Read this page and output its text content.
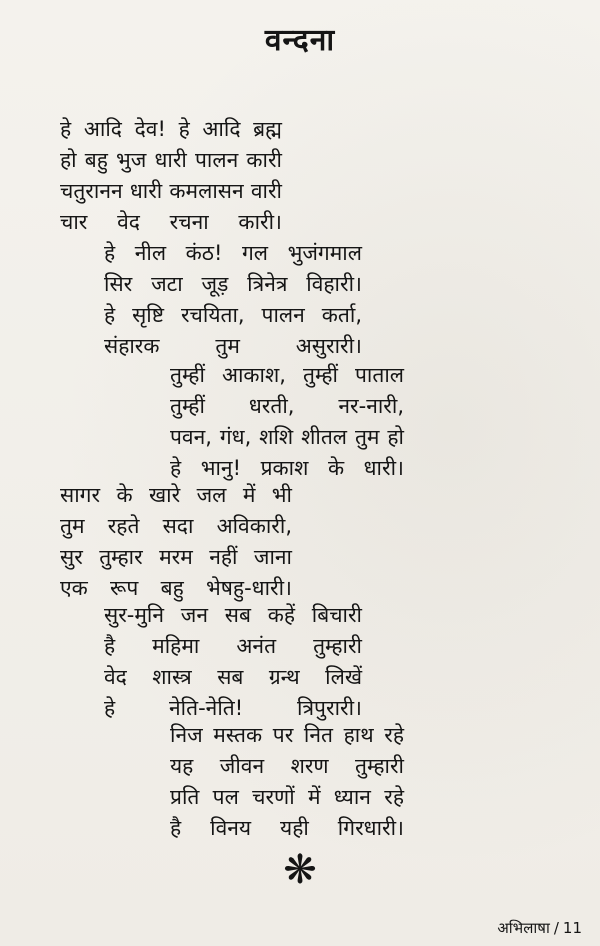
वन्दना
हे आदि देव! हे आदि ब्रह्म
हो बहु भुज धारी पालन कारी
चतुरानन धारी कमलासन वारी
चार वेद रचना कारी।
हे नील कंठ! गल भुजंगमाल
सिर जटा जूड़ त्रिनेत्र विहारी।
हे सृष्टि रचयिता, पालन कर्ता,
संहारक तुम असुरारी।
तुम्हीं आकाश, तुम्हीं पाताल
तुम्हीं धरती, नर-नारी,
पवन, गंध, शशि शीतल तुम हो
हे भानु! प्रकाश के धारी।
सागर के खारे जल में भी
तुम रहते सदा अविकारी,
सुर तुम्हार मरम नहीं जाना
एक रूप बहु भेषहु-धारी।
सुर-मुनि जन सब कहें बिचारी
है महिमा अनंत तुम्हारी
वेद शास्त्र सब ग्रन्थ लिखें
हे नेति-नेति! त्रिपुरारी।
निज मस्तक पर नित हाथ रहे
यह जीवन शरण तुम्हारी
प्रति पल चरणों में ध्यान रहे
है विनय यही गिरधारी।
❋
अभिलाषा / 11
